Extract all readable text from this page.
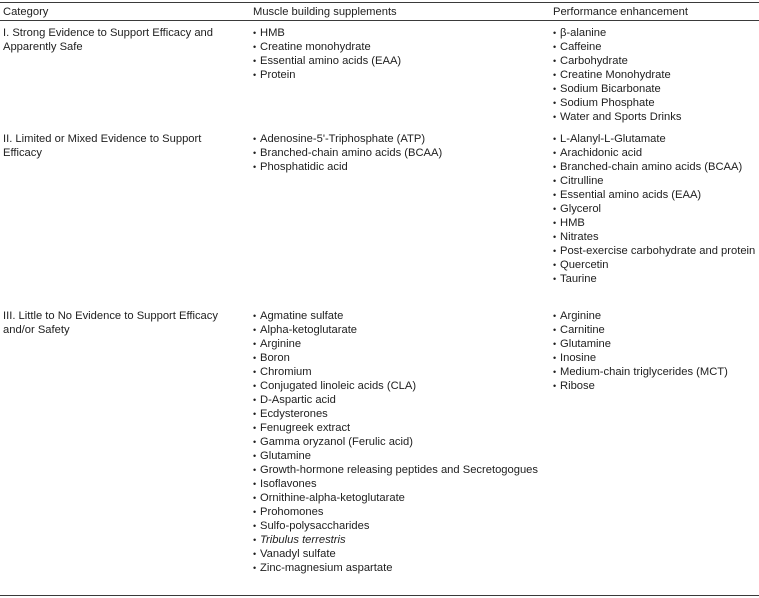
Category	Muscle building supplements	Performance enhancement
I. Strong Evidence to Support Efficacy and Apparently Safe
• HMB
• Creatine monohydrate
• Essential amino acids (EAA)
• Protein
• β-alanine
• Caffeine
• Carbohydrate
• Creatine Monohydrate
• Sodium Bicarbonate
• Sodium Phosphate
• Water and Sports Drinks
II. Limited or Mixed Evidence to Support Efficacy
• Adenosine-5'-Triphosphate (ATP)
• Branched-chain amino acids (BCAA)
• Phosphatidic acid
• L-Alanyl-L-Glutamate
• Arachidonic acid
• Branched-chain amino acids (BCAA)
• Citrulline
• Essential amino acids (EAA)
• Glycerol
• HMB
• Nitrates
• Post-exercise carbohydrate and protein
• Quercetin
• Taurine
III. Little to No Evidence to Support Efficacy and/or Safety
• Agmatine sulfate
• Alpha-ketoglutarate
• Arginine
• Boron
• Chromium
• Conjugated linoleic acids (CLA)
• D-Aspartic acid
• Ecdysterones
• Fenugreek extract
• Gamma oryzanol (Ferulic acid)
• Glutamine
• Growth-hormone releasing peptides and Secretogogues
• Isoflavones
• Ornithine-alpha-ketoglutarate
• Prohomones
• Sulfo-polysaccharides
• Tribulus terrestris
• Vanadyl sulfate
• Zinc-magnesium aspartate
• Arginine
• Carnitine
• Glutamine
• Inosine
• Medium-chain triglycerides (MCT)
• Ribose
